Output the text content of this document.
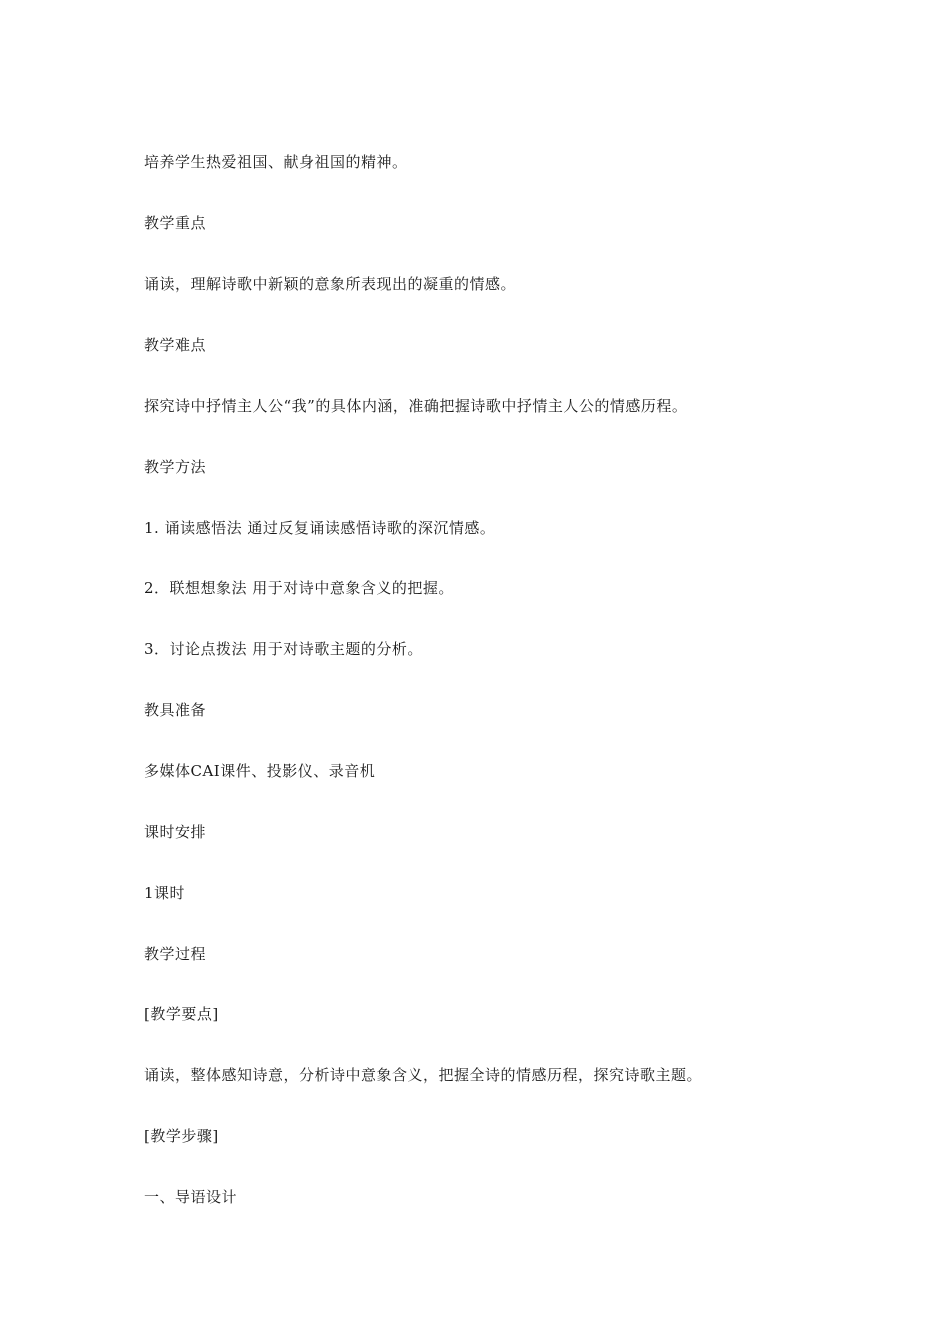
培养学生热爱祖国、献身祖国的精神。
教学重点
诵读，理解诗歌中新颖的意象所表现出的凝重的情感。
教学难点
探究诗中抒情主人公“我”的具体内涵，准确把握诗歌中抒情主人公的情感历程。
教学方法
1. 诵读感悟法 通过反复诵读感悟诗歌的深沉情感。
2．联想想象法 用于对诗中意象含义的把握。
3．讨论点拨法 用于对诗歌主题的分析。
教具准备
多媒体CAI课件、投影仪、录音机
课时安排
1课时
教学过程
[教学要点]
诵读，整体感知诗意，分析诗中意象含义，把握全诗的情感历程，探究诗歌主题。
[教学步骤]
一、导语设计
